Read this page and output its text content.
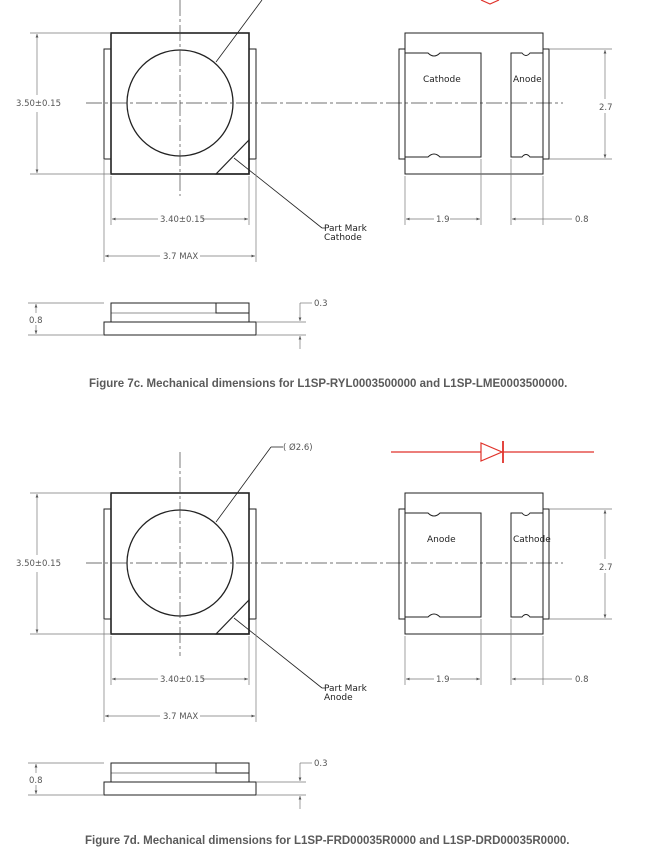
3.50±0.15
3.40±0.15
3.7 MAX
Part Mark
Cathode
Cathode	Anode
2.7
1.9	0.8
0.8
0.3
Figure 7c. Mechanical dimensions for L1SP-RYL0003500000 and L1SP-LME0003500000.
( Ø2.6)
3.50±0.15
3.40±0.15
3.7 MAX
Part Mark
Anode
Anode	Cathode
2.7
1.9	0.8
0.8
0.3
Figure 7d. Mechanical dimensions for L1SP-FRD00035R0000 and L1SP-DRD00035R0000.
